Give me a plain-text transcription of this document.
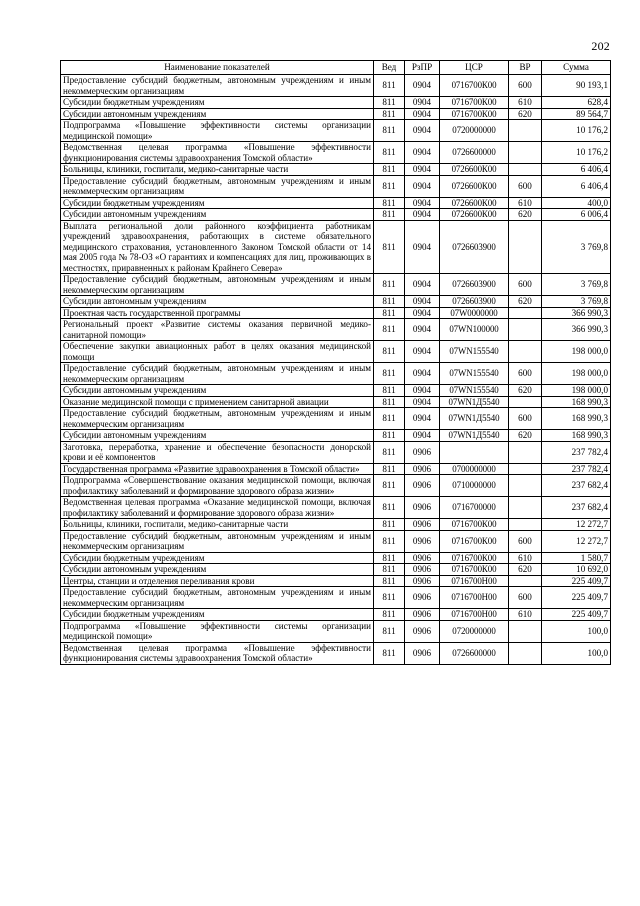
202
Наименование показателей	Вед	РзПР	ЦСР	ВР	Сумма
Предоставление субсидий бюджетным, автономным учреждениям и иным некоммерческим организациям	811	0904	0716700К00	600	90 193,1
Субсидии бюджетным учреждениям	811	0904	0716700К00	610	628,4
Субсидии автономным учреждениям	811	0904	0716700К00	620	89 564,7
Подпрограмма «Повышение эффективности системы организации медицинской помощи»	811	0904	0720000000		10 176,2
Ведомственная целевая программа «Повышение эффективности функционирования системы здравоохранения Томской области»	811	0904	0726600000		10 176,2
Больницы, клиники, госпитали, медико-санитарные части	811	0904	0726600К00		6 406,4
Предоставление субсидий бюджетным, автономным учреждениям и иным некоммерческим организациям	811	0904	0726600К00	600	6 406,4
Субсидии бюджетным учреждениям	811	0904	0726600К00	610	400,0
Субсидии автономным учреждениям	811	0904	0726600К00	620	6 006,4
Выплата региональной доли районного коэффициента работникам учреждений здравоохранения, работающих в системе обязательного медицинского страхования, установленного Законом Томской области от 14 мая 2005 года № 78-ОЗ «О гарантиях и компенсациях для лиц, проживающих в местностях, приравненных к районам Крайнего Севера»	811	0904	0726603900		3 769,8
Предоставление субсидий бюджетным, автономным учреждениям и иным некоммерческим организациям	811	0904	0726603900	600	3 769,8
Субсидии автономным учреждениям	811	0904	0726603900	620	3 769,8
Проектная часть государственной программы	811	0904	07W0000000		366 990,3
Региональный проект «Развитие системы оказания первичной медико-санитарной помощи»	811	0904	07WN100000		366 990,3
Обеспечение закупки авиационных работ в целях оказания медицинской помощи	811	0904	07WN155540		198 000,0
Предоставление субсидий бюджетным, автономным учреждениям и иным некоммерческим организациям	811	0904	07WN155540	600	198 000,0
Субсидии автономным учреждениям	811	0904	07WN155540	620	198 000,0
Оказание медицинской помощи с применением санитарной авиации	811	0904	07WN1Д5540		168 990,3
Предоставление субсидий бюджетным, автономным учреждениям и иным некоммерческим организациям	811	0904	07WN1Д5540	600	168 990,3
Субсидии автономным учреждениям	811	0904	07WN1Д5540	620	168 990,3
Заготовка, переработка, хранение и обеспечение безопасности донорской крови и её компонентов	811	0906			237 782,4
Государственная программа «Развитие здравоохранения в Томской области»	811	0906	0700000000		237 782,4
Подпрограмма «Совершенствование оказания медицинской помощи, включая профилактику заболеваний и формирование здорового образа жизни»	811	0906	0710000000		237 682,4
Ведомственная целевая программа «Оказание медицинской помощи, включая профилактику заболеваний и формирование здорового образа жизни»	811	0906	0716700000		237 682,4
Больницы, клиники, госпитали, медико-санитарные части	811	0906	0716700К00		12 272,7
Предоставление субсидий бюджетным, автономным учреждениям и иным некоммерческим организациям	811	0906	0716700К00	600	12 272,7
Субсидии бюджетным учреждениям	811	0906	0716700К00	610	1 580,7
Субсидии автономным учреждениям	811	0906	0716700К00	620	10 692,0
Центры, станции и отделения переливания крови	811	0906	0716700Н00		225 409,7
Предоставление субсидий бюджетным, автономным учреждениям и иным некоммерческим организациям	811	0906	0716700Н00	600	225 409,7
Субсидии бюджетным учреждениям	811	0906	0716700Н00	610	225 409,7
Подпрограмма «Повышение эффективности системы организации медицинской помощи»	811	0906	0720000000		100,0
Ведомственная целевая программа «Повышение эффективности функционирования системы здравоохранения Томской области»	811	0906	0726600000		100,0
